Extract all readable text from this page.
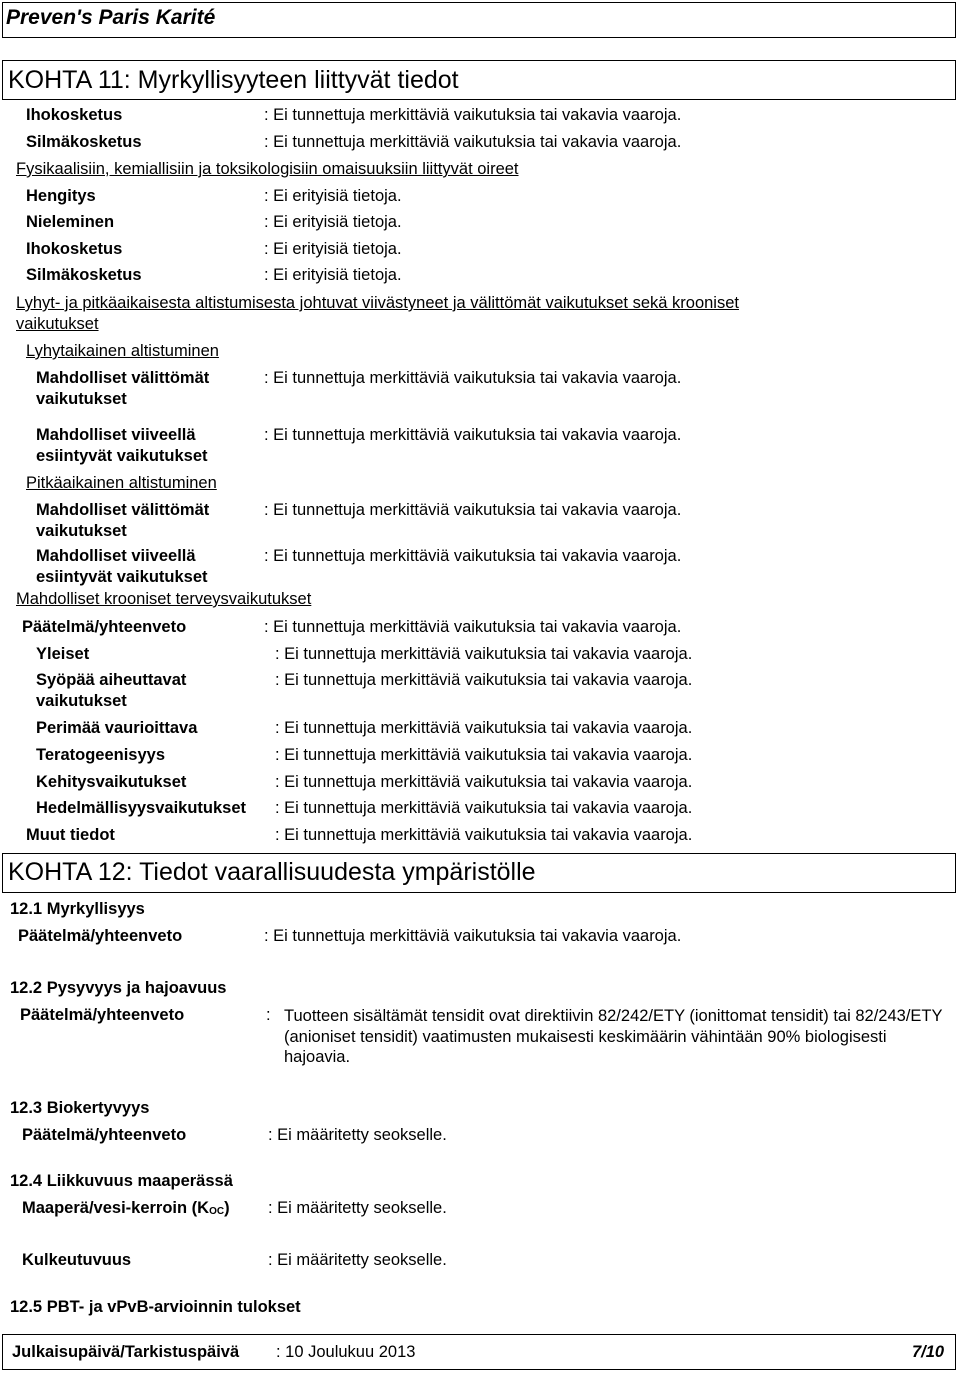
Preven's Paris Karité
KOHTA 11: Myrkyllisyyteen liittyvät tiedot
Ihokosketus	: Ei tunnettuja merkittäviä vaikutuksia tai vakavia vaaroja.
Silmäkosketus	: Ei tunnettuja merkittäviä vaikutuksia tai vakavia vaaroja.
Fysikaalisiin, kemiallisiin ja toksikologisiin omaisuuksiin liittyvät oireet
Hengitys	: Ei erityisiä tietoja.
Nieleminen	: Ei erityisiä tietoja.
Ihokosketus	: Ei erityisiä tietoja.
Silmäkosketus	: Ei erityisiä tietoja.
Lyhyt- ja pitkäaikaisesta altistumisesta johtuvat viivästyneet ja välittömät vaikutukset sekä krooniset
vaikutukset
Lyhytaikainen altistuminen
Mahdolliset välittömät
vaikutukset
: Ei tunnettuja merkittäviä vaikutuksia tai vakavia vaaroja.
Mahdolliset viiveellä
esiintyvät vaikutukset
: Ei tunnettuja merkittäviä vaikutuksia tai vakavia vaaroja.
Pitkäaikainen altistuminen
Mahdolliset välittömät
vaikutukset
: Ei tunnettuja merkittäviä vaikutuksia tai vakavia vaaroja.
Mahdolliset viiveellä
esiintyvät vaikutukset
: Ei tunnettuja merkittäviä vaikutuksia tai vakavia vaaroja.
Mahdolliset krooniset terveysvaikutukset
Päätelmä/yhteenveto	: Ei tunnettuja merkittäviä vaikutuksia tai vakavia vaaroja.
Yleiset	: Ei tunnettuja merkittäviä vaikutuksia tai vakavia vaaroja.
Syöpää aiheuttavat
vaikutukset
: Ei tunnettuja merkittäviä vaikutuksia tai vakavia vaaroja.
Perimää vaurioittava	: Ei tunnettuja merkittäviä vaikutuksia tai vakavia vaaroja.
Teratogeenisyys	: Ei tunnettuja merkittäviä vaikutuksia tai vakavia vaaroja.
Kehitysvaikutukset	: Ei tunnettuja merkittäviä vaikutuksia tai vakavia vaaroja.
Hedelmällisyysvaikutukset : Ei tunnettuja merkittäviä vaikutuksia tai vakavia vaaroja.
Muut tiedot	: Ei tunnettuja merkittäviä vaikutuksia tai vakavia vaaroja.
KOHTA 12: Tiedot vaarallisuudesta ympäristölle
12.1 Myrkyllisyys
Päätelmä/yhteenveto	: Ei tunnettuja merkittäviä vaikutuksia tai vakavia vaaroja.
12.2 Pysyvyys ja hajoavuus
Päätelmä/yhteenveto	: Tuotteen sisältämät tensidit ovat direktiivin 82/242/ETY (ionittomat tensidit) tai 82/243/ETY (anioniset tensidit) vaatimusten mukaisesti keskimäärin vähintään 90% biologisesti hajoavia.
12.3 Biokertyvyys
Päätelmä/yhteenveto	: Ei määritetty seokselle.
12.4 Liikkuvuus maaperässä
Maaperä/vesi-kerroin (KOC) : Ei määritetty seokselle.
Kulkeutuvuus	: Ei määritetty seokselle.
12.5 PBT- ja vPvB-arvioinnin tulokset
Julkaisupäivä/Tarkistuspäivä : 10 Joulukuu 2013	7/10
